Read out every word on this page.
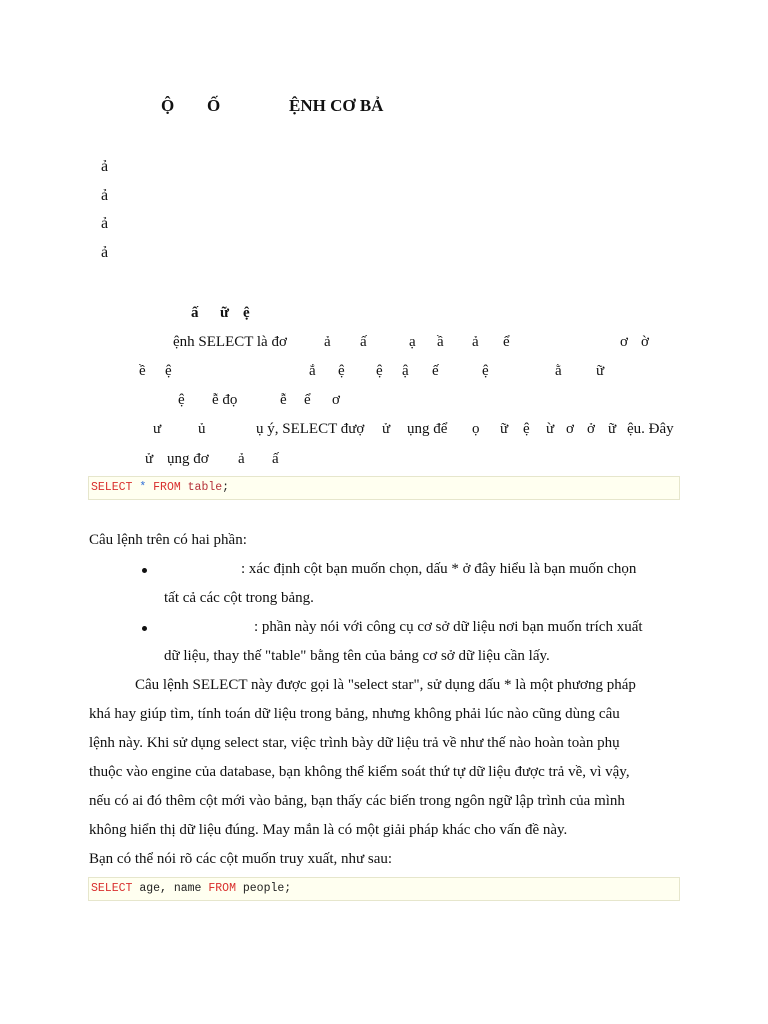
Ộ Ố	ỆNH CƠ BẢ
ả
ả
ả
ả
ấ ữ ệ
ệnh SELECT là đơ ả ấ	ạ ầ ả ể	ơ ờ
ề ệ	ắ ệ ệ ậ ế	ệ	ằ ữ
ệ ễ đọ	ễ ể ơ
ư ủ	ụ ý, SELECT đượ ử ụng để ọ ữ ệ ừ ơ ở ữ ệu. Đây
ử ụng đơ ả ấ
SELECT * FROM table;
Câu lệnh trên có hai phần:
: xác định cột bạn muốn chọn, dấu * ở đây hiểu là bạn muốn chọn
tất cả các cột trong bảng.
: phần này nói với công cụ cơ sở dữ liệu nơi bạn muốn trích xuất
dữ liệu, thay thế "table" bằng tên của bảng cơ sở dữ liệu cần lấy.
Câu lệnh SELECT này được gọi là "select star", sử dụng dấu * là một phương pháp
khá hay giúp tìm, tính toán dữ liệu trong bảng, nhưng không phải lúc nào cũng dùng câu
lệnh này. Khi sử dụng select star, việc trình bày dữ liệu trả về như thế nào hoàn toàn phụ
thuộc vào engine của database, bạn không thể kiểm soát thứ tự dữ liệu được trả về, vì vậy,
nếu có ai đó thêm cột mới vào bảng, bạn thấy các biến trong ngôn ngữ lập trình của mình
không hiển thị dữ liệu đúng. May mắn là có một giải pháp khác cho vấn đề này.
Bạn có thể nói rõ các cột muốn truy xuất, như sau:
SELECT age, name FROM people;
